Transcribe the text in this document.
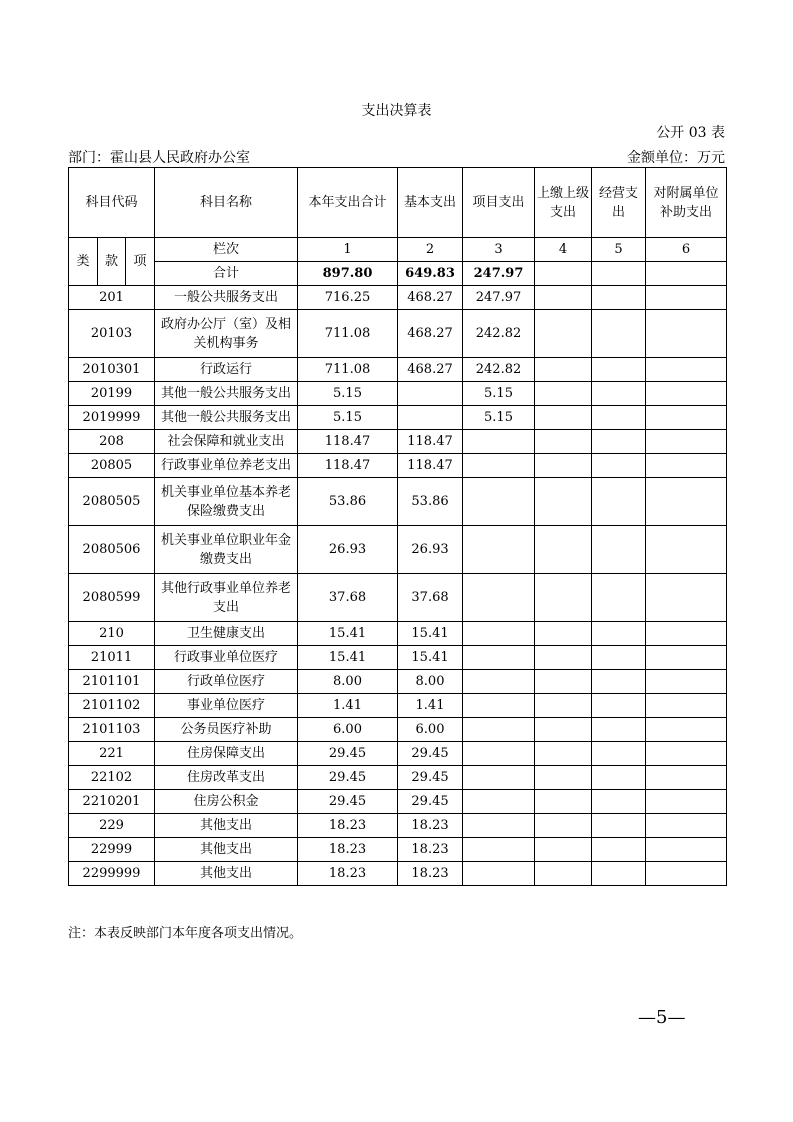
支出决算表
公开 03 表
部门：霍山县人民政府办公室	金额单位：万元
科目代码			科目名称	本年支出合计	基本支出	项目支出	上缴上级支出	经营支出	对附属单位补助支出
类	款	项	栏次	1	2	3	4	5	6
			合计	897.80	649.83	247.97			
201			一般公共服务支出	716.25	468.27	247.97			
20103			政府办公厅（室）及相关机构事务	711.08	468.27	242.82			
2010301			行政运行	711.08	468.27	242.82			
20199			其他一般公共服务支出	5.15		5.15			
2019999			其他一般公共服务支出	5.15		5.15			
208			社会保障和就业支出	118.47	118.47				
20805			行政事业单位养老支出	118.47	118.47				
2080505			机关事业单位基本养老保险缴费支出	53.86	53.86				
2080506			机关事业单位职业年金缴费支出	26.93	26.93				
2080599			其他行政事业单位养老支出	37.68	37.68				
210			卫生健康支出	15.41	15.41				
21011			行政事业单位医疗	15.41	15.41				
2101101			行政单位医疗	8.00	8.00				
2101102			事业单位医疗	1.41	1.41				
2101103			公务员医疗补助	6.00	6.00				
221			住房保障支出	29.45	29.45				
22102			住房改革支出	29.45	29.45				
2210201			住房公积金	29.45	29.45				
229			其他支出	18.23	18.23				
22999			其他支出	18.23	18.23				
2299999			其他支出	18.23	18.23				
注：本表反映部门本年度各项支出情况。
—5—
